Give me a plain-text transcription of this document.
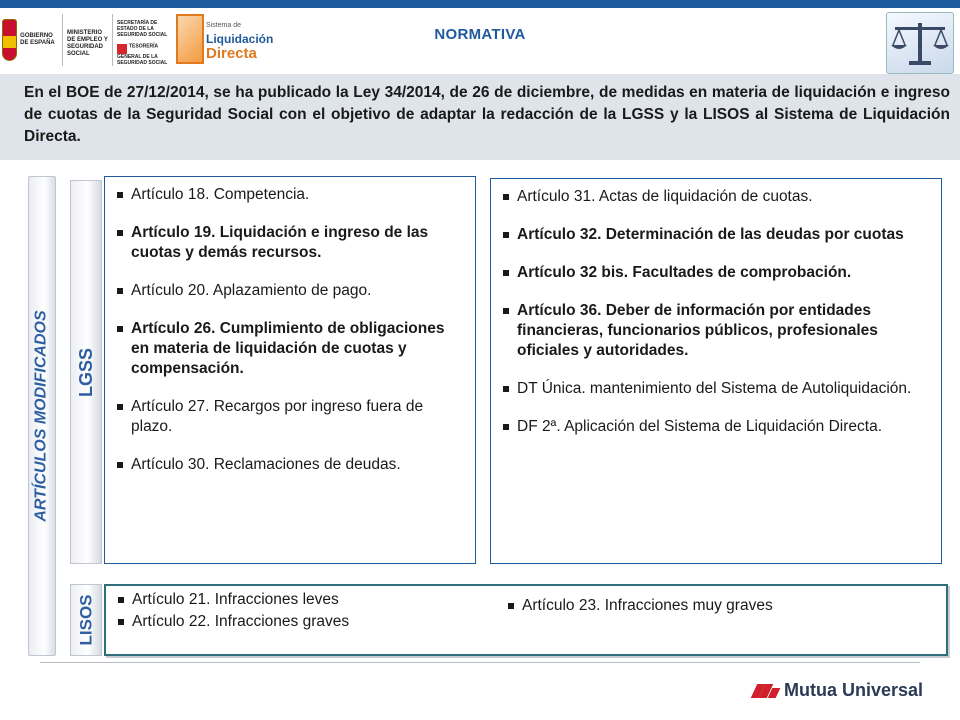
GOBIERNO DE ESPAÑA
MINISTERIO DE EMPLEO Y SEGURIDAD SOCIAL
SECRETARÍA DE ESTADO DE LA SEGURIDAD SOCIAL
TESORERÍA GENERAL DE LA SEGURIDAD SOCIAL
Sistema de
Liquidación
Directa
NORMATIVA
En el BOE de 27/12/2014, se ha publicado la Ley 34/2014, de 26 de diciembre, de medidas en materia de liquidación e ingreso de cuotas de la Seguridad Social con el objetivo de adaptar la redacción de la LGSS y la LISOS al Sistema de Liquidación Directa.
ARTÍCULOS MODIFICADOS LGSS
LISOS
Artículo 18. Competencia.
Artículo 19. Liquidación e ingreso de las cuotas y demás recursos.
Artículo 20. Aplazamiento de pago.
Artículo 26. Cumplimiento de obligaciones en materia de liquidación de cuotas y compensación.
Artículo 27. Recargos por ingreso fuera de plazo.
Artículo 30. Reclamaciones de deudas.
Artículo 31. Actas de liquidación de cuotas.
Artículo 32. Determinación de las deudas por cuotas
Artículo 32 bis. Facultades de comprobación.
Artículo 36. Deber de información por entidades financieras, funcionarios públicos, profesionales oficiales y autoridades.
DT Única. mantenimiento del Sistema de Autoliquidación.
DF 2ª. Aplicación del Sistema de Liquidación Directa.
Artículo 21. Infracciones leves
Artículo 22. Infracciones graves
Artículo 23. Infracciones muy graves
Mutua Universal
